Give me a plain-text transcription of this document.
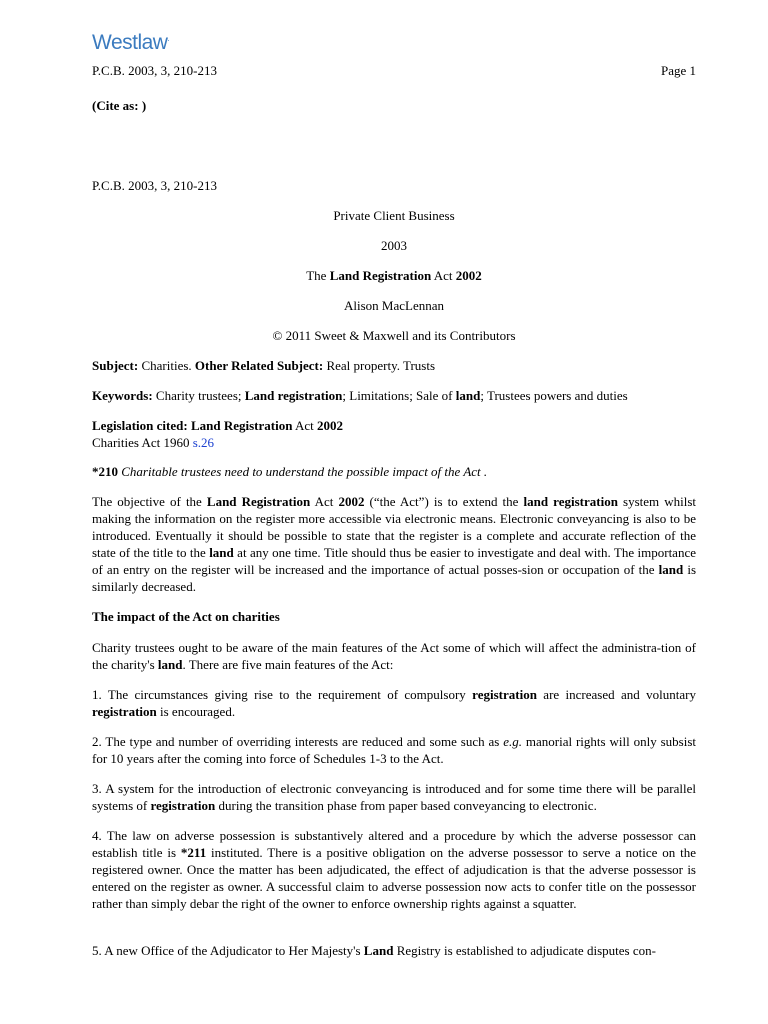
Westlaw.
P.C.B. 2003, 3, 210-213	Page 1
(Cite as: )
P.C.B. 2003, 3, 210-213
Private Client Business
2003
The Land Registration Act 2002
Alison MacLennan
© 2011 Sweet & Maxwell and its Contributors
Subject: Charities. Other Related Subject: Real property. Trusts
Keywords: Charity trustees; Land registration; Limitations; Sale of land; Trustees powers and duties
Legislation cited: Land Registration Act 2002
Charities Act 1960 s.26
*210 Charitable trustees need to understand the possible impact of the Act .
The objective of the Land Registration Act 2002 (“the Act”) is to extend the land registration system whilst making the information on the register more accessible via electronic means. Electronic conveyancing is also to be introduced. Eventually it should be possible to state that the register is a complete and accurate reflection of the state of the title to the land at any one time. Title should thus be easier to investigate and deal with. The importance of an entry on the register will be increased and the importance of actual posses-sion or occupation of the land is similarly decreased.
The impact of the Act on charities
Charity trustees ought to be aware of the main features of the Act some of which will affect the administra-tion of the charity's land. There are five main features of the Act:
1. The circumstances giving rise to the requirement of compulsory registration are increased and voluntary registration is encouraged.
2. The type and number of overriding interests are reduced and some such as e.g. manorial rights will only subsist for 10 years after the coming into force of Schedules 1-3 to the Act.
3. A system for the introduction of electronic conveyancing is introduced and for some time there will be parallel systems of registration during the transition phase from paper based conveyancing to electronic.
4. The law on adverse possession is substantively altered and a procedure by which the adverse possessor can establish title is *211 instituted. There is a positive obligation on the adverse possessor to serve a notice on the registered owner. Once the matter has been adjudicated, the effect of adjudication is that the adverse possessor is entered on the register as owner. A successful claim to adverse possession now acts to confer title on the possessor rather than simply debar the right of the owner to enforce ownership rights against a squatter.
5. A new Office of the Adjudicator to Her Majesty's Land Registry is established to adjudicate disputes con-
